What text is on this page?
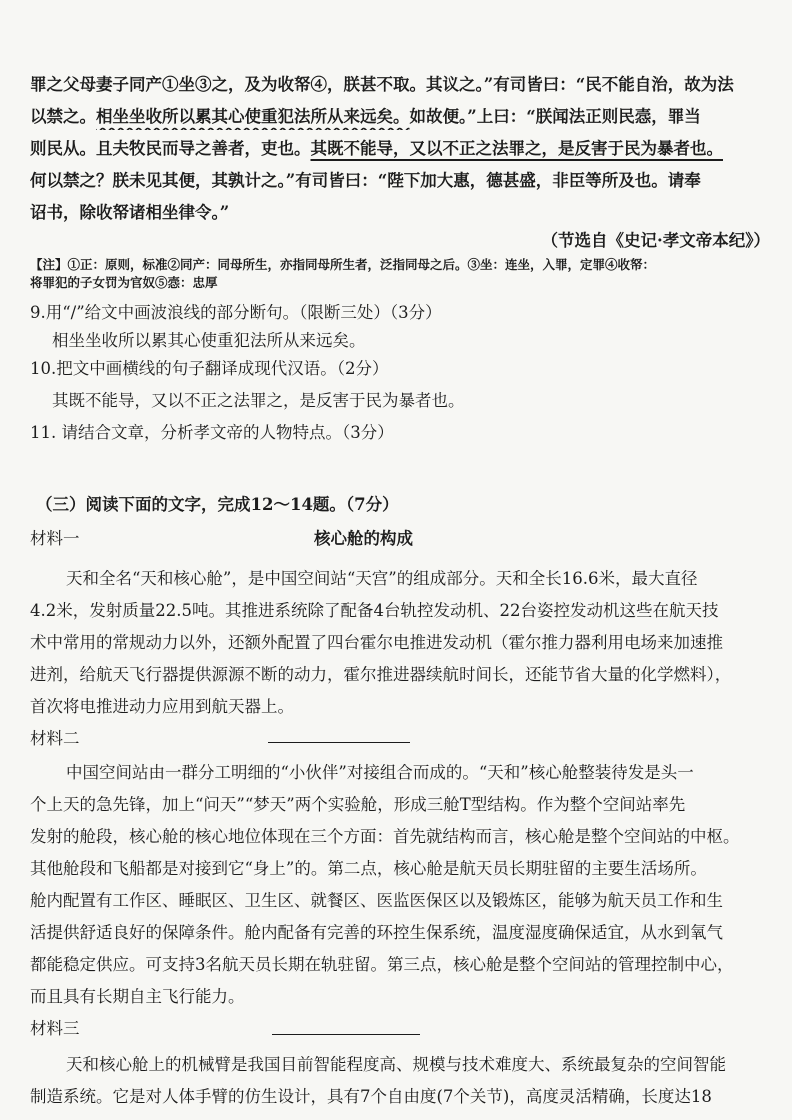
罪之父母妻子同产①坐③之，及为收帑④，朕甚不取。其议之。”有司皆曰：“民不能自治，故为法
以禁之。相坐坐收所以累其心使重犯法所从来远矣。如故便。”上曰：“朕闻法正则民悫，罪当
则民从。且夫牧民而导之善者，吏也。其既不能导，又以不正之法罪之，是反害于民为暴者也。
何以禁之？朕未见其便，其孰计之。”有司皆曰：“陛下加大惠，德甚盛，非臣等所及也。请奉
诏书，除收帑诸相坐律令。”
（节选自《史记·孝文帝本纪》）
【注】①正：原则，标准②同产：同母所生，亦指同母所生者，泛指同母之后。③坐：连坐，入罪，定罪④收帑：
将罪犯的子女罚为官奴⑤悫：忠厚
9.用“/”给文中画波浪线的部分断句。（限断三处）（3分）
相坐坐收所以累其心使重犯法所从来远矣。
10.把文中画横线的句子翻译成现代汉语。（2分）
其既不能导，又以不正之法罪之，是反害于民为暴者也。
11. 请结合文章，分析孝文帝的人物特点。（3分）
（三）阅读下面的文字，完成12～14题。（7分）
材料一	核心舱的构成
天和全名“天和核心舱”，是中国空间站“天宫”的组成部分。天和全长16.6米，最大直径
4.2米，发射质量22.5吨。其推进系统除了配备4台轨控发动机、22台姿控发动机这些在航天技
术中常用的常规动力以外，还额外配置了四台霍尔电推进发动机（霍尔推力器利用电场来加速推
进剂，给航天飞行器提供源源不断的动力，霍尔推进器续航时间长，还能节省大量的化学燃料），
首次将电推进动力应用到航天器上。
材料二
中国空间站由一群分工明细的“小伙伴”对接组合而成的。“天和”核心舱整装待发是头一
个上天的急先锋，加上“问天”“梦天”两个实验舱，形成三舱T型结构。作为整个空间站率先
发射的舱段，核心舱的核心地位体现在三个方面：首先就结构而言，核心舱是整个空间站的中枢。
其他舱段和飞船都是对接到它“身上”的。第二点，核心舱是航天员长期驻留的主要生活场所。
舱内配置有工作区、睡眠区、卫生区、就餐区、医监医保区以及锻炼区，能够为航天员工作和生
活提供舒适良好的保障条件。舱内配备有完善的环控生保系统，温度湿度确保适宜，从水到氧气
都能稳定供应。可支持3名航天员长期在轨驻留。第三点，核心舱是整个空间站的管理控制中心，
而且具有长期自主飞行能力。
材料三
天和核心舱上的机械臂是我国目前智能程度高、规模与技术难度大、系统最复杂的空间智能
制造系统。它是对人体手臂的仿生设计，具有7个自由度(7个关节)，高度灵活精确，长度达18
